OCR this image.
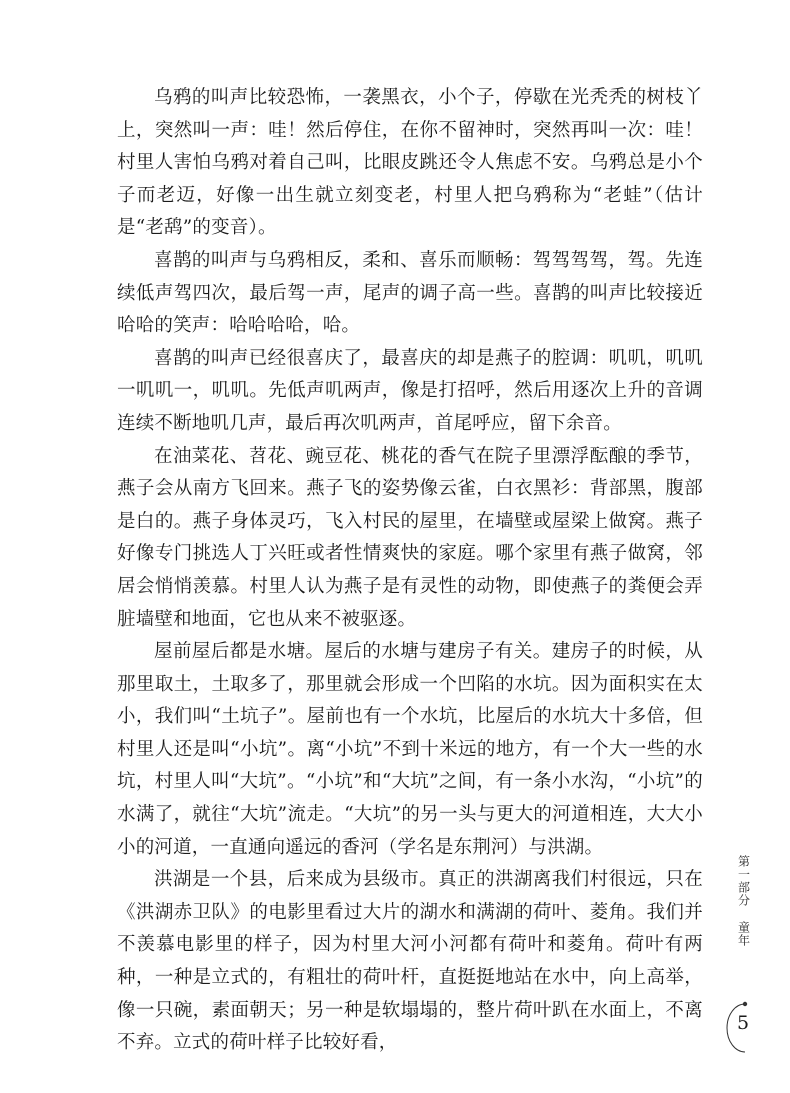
乌鸦的叫声比较恐怖，一袭黑衣，小个子，停歇在光秃秃的树枝丫上，突然叫一声：哇！然后停住，在你不留神时，突然再叫一次：哇！村里人害怕乌鸦对着自己叫，比眼皮跳还令人焦虑不安。乌鸦总是小个子而老迈，好像一出生就立刻变老，村里人把乌鸦称为“老蛙”（估计是“老鸹”的变音）。

喜鹊的叫声与乌鸦相反，柔和、喜乐而顺畅：驾驾驾驾，驾。先连续低声驾四次，最后驾一声，尾声的调子高一些。喜鹊的叫声比较接近哈哈的笑声：哈哈哈哈，哈。

喜鹊的叫声已经很喜庆了，最喜庆的却是燕子的腔调：叽叽，叽叽一叽叽一，叽叽。先低声叽两声，像是打招呼，然后用逐次上升的音调连续不断地叽几声，最后再次叽两声，首尾呼应，留下余音。

在油菜花、苕花、豌豆花、桃花的香气在院子里漂浮酝酿的季节，燕子会从南方飞回来。燕子飞的姿势像云雀，白衣黑衫：背部黑，腹部是白的。燕子身体灵巧，飞入村民的屋里，在墙壁或屋梁上做窝。燕子好像专门挑选人丁兴旺或者性情爽快的家庭。哪个家里有燕子做窝，邻居会悄悄羡慕。村里人认为燕子是有灵性的动物，即使燕子的粪便会弄脏墙壁和地面，它也从来不被驱逐。

屋前屋后都是水塘。屋后的水塘与建房子有关。建房子的时候，从那里取土，土取多了，那里就会形成一个凹陷的水坑。因为面积实在太小，我们叫“土坑子”。屋前也有一个水坑，比屋后的水坑大十多倍，但村里人还是叫“小坑”。离“小坑”不到十米远的地方，有一个大一些的水坑，村里人叫“大坑”。“小坑”和“大坑”之间，有一条小水沟，“小坑”的水满了，就往“大坑”流走。“大坑”的另一头与更大的河道相连，大大小小的河道，一直通向遥远的香河（学名是东荆河）与洪湖。

洪湖是一个县，后来成为县级市。真正的洪湖离我们村很远，只在《洪湖赤卫队》的电影里看过大片的湖水和满湖的荷叶、菱角。我们并不羡慕电影里的样子，因为村里大河小河都有荷叶和菱角。荷叶有两种，一种是立式的，有粗壮的荷叶杆，直挺挺地站在水中，向上高举，像一只碗，素面朝天；另一种是软塌塌的，整片荷叶趴在水面上，不离不弃。立式的荷叶样子比较好看，

第一部分
童年
5
